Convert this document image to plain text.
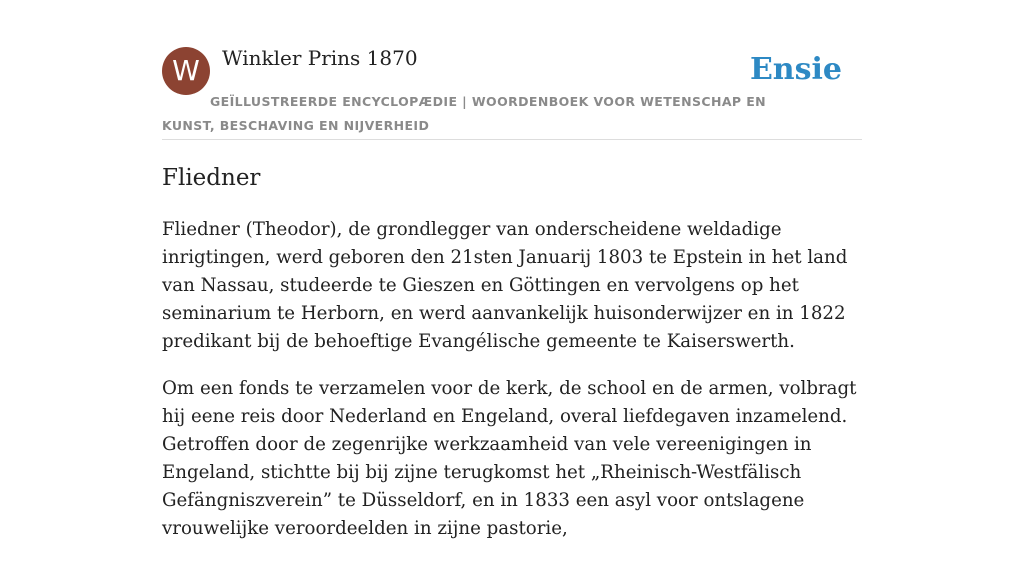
W	Winkler Prins 1870	Ensie
GEÏLLUSTREERDE ENCYCLOPÆDIE | WOORDENBOEK VOOR WETENSCHAP EN KUNST, BESCHAVING EN NIJVERHEID
Fliedner

Fliedner (Theodor), de grondlegger van onderscheidene weldadige inrigtingen, werd geboren den 21sten Januarij 1803 te Epstein in het land van Nassau, studeerde te Gieszen en Göttingen en vervolgens op het seminarium te Herborn, en werd aanvankelijk huisonderwijzer en in 1822 predikant bij de behoeftige Evangélische gemeente te Kaiserswerth.

Om een fonds te verzamelen voor de kerk, de school en de armen, volbragt hij eene reis door Nederland en Engeland, overal liefdegaven inzamelend. Getroffen door de zegenrijke werkzaamheid van vele vereenigingen in Engeland, stichtte bij bij zijne terugkomst het „Rheinisch-Westfälisch Gefängniszverein” te Düsseldorf, en in 1833 een asyl voor ontslagene vrouwelijke veroordeelden in zijne pastorie,
